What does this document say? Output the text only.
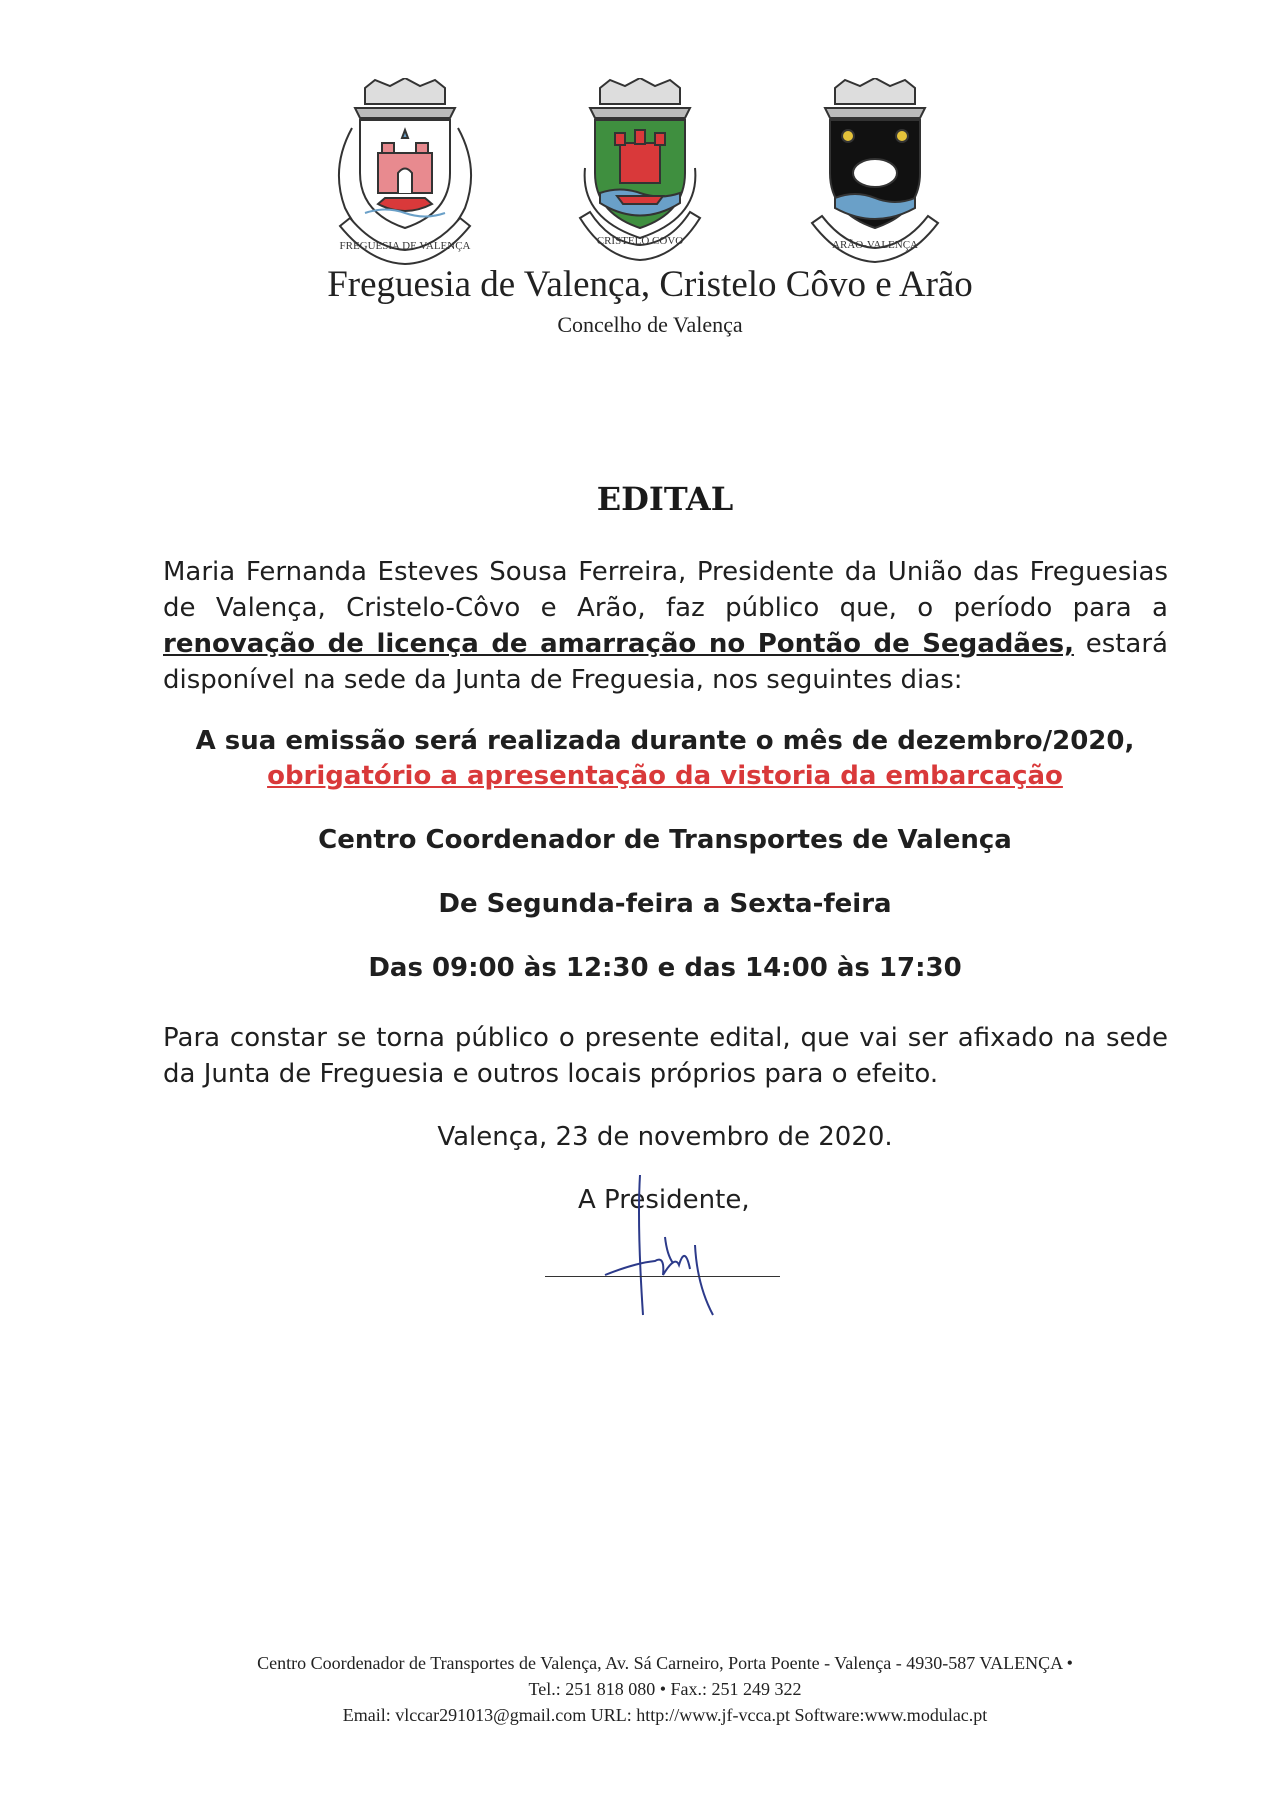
FREGUESIA DE VALENÇA	CRISTELO COVO	ARÃO-VALENÇA
Freguesia de Valença, Cristelo Côvo e Arão
Concelho de Valença
EDITAL
Maria Fernanda Esteves Sousa Ferreira, Presidente da União das Freguesias de Valença, Cristelo-Côvo e Arão, faz público que, o período para a renovação de licença de amarração no Pontão de Segadães, estará disponível na sede da Junta de Freguesia, nos seguintes dias:
A sua emissão será realizada durante o mês de dezembro/2020,
obrigatório a apresentação da vistoria da embarcação
Centro Coordenador de Transportes de Valença
De Segunda-feira a Sexta-feira
Das 09:00 às 12:30 e das 14:00 às 17:30
Para constar se torna público o presente edital, que vai ser afixado na sede da Junta de Freguesia e outros locais próprios para o efeito.
Valença, 23 de novembro de 2020.
A Presidente,
Centro Coordenador de Transportes de Valença, Av. Sá Carneiro, Porta Poente - Valença - 4930-587 VALENÇA •
Tel.: 251 818 080 • Fax.: 251 249 322
Email: vlccar291013@gmail.com URL: http://www.jf-vcca.pt Software:www.modulac.pt
